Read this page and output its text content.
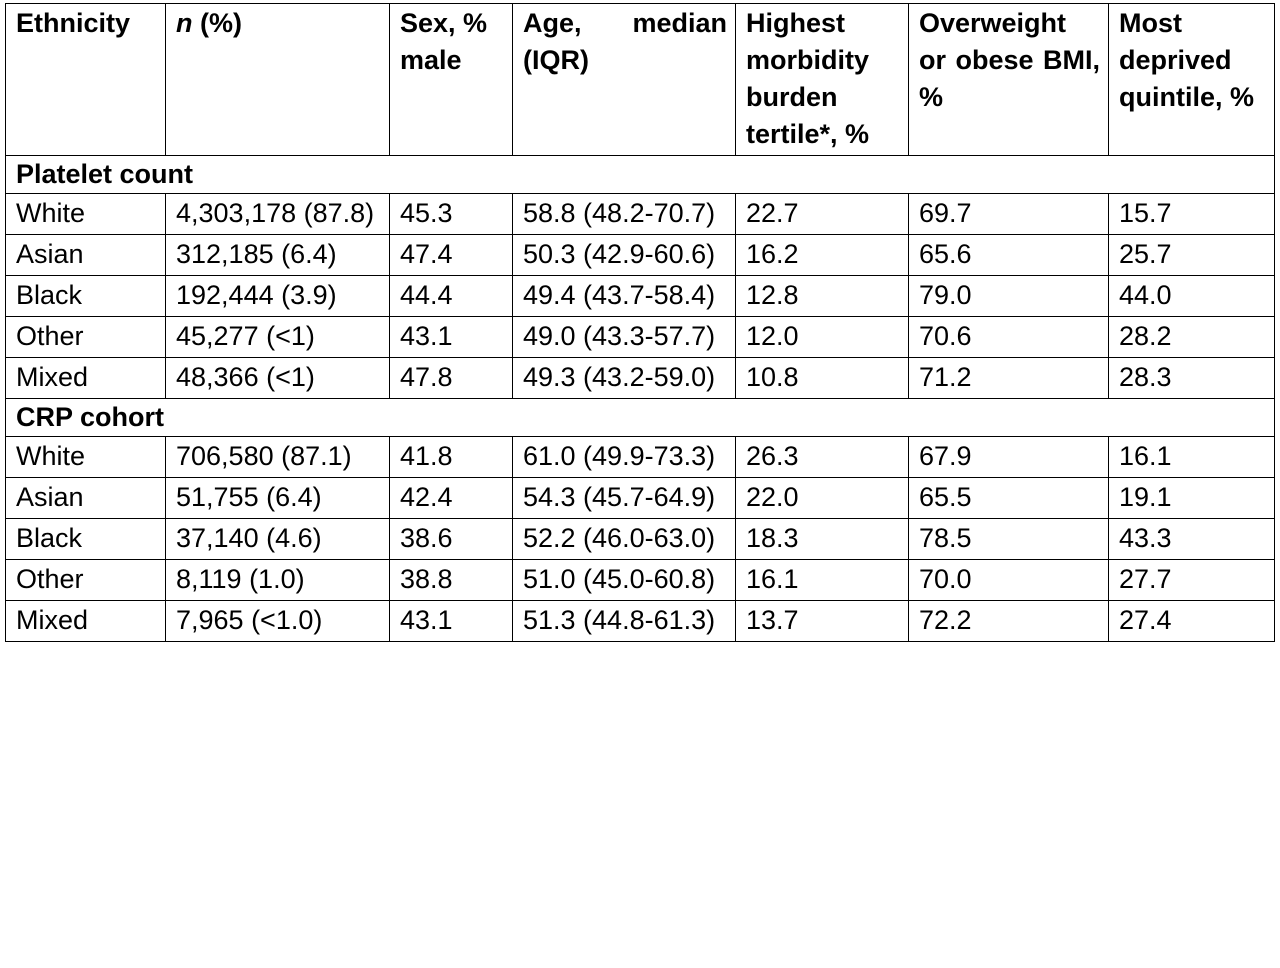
Ethnicity	n (%)	Sex, % male	Age, median (IQR)	Highest morbidity burden tertile*, %	Overweight or obese BMI, %	Most deprived quintile, %
Platelet count						
White	4,303,178 (87.8)	45.3	58.8 (48.2-70.7)	22.7	69.7	15.7
Asian	312,185 (6.4)	47.4	50.3 (42.9-60.6)	16.2	65.6	25.7
Black	192,444 (3.9)	44.4	49.4 (43.7-58.4)	12.8	79.0	44.0
Other	45,277 (<1)	43.1	49.0 (43.3-57.7)	12.0	70.6	28.2
Mixed	48,366 (<1)	47.8	49.3 (43.2-59.0)	10.8	71.2	28.3
CRP cohort						
White	706,580 (87.1)	41.8	61.0 (49.9-73.3)	26.3	67.9	16.1
Asian	51,755 (6.4)	42.4	54.3 (45.7-64.9)	22.0	65.5	19.1
Black	37,140 (4.6)	38.6	52.2 (46.0-63.0)	18.3	78.5	43.3
Other	8,119 (1.0)	38.8	51.0 (45.0-60.8)	16.1	70.0	27.7
Mixed	7,965 (<1.0)	43.1	51.3 (44.8-61.3)	13.7	72.2	27.4
